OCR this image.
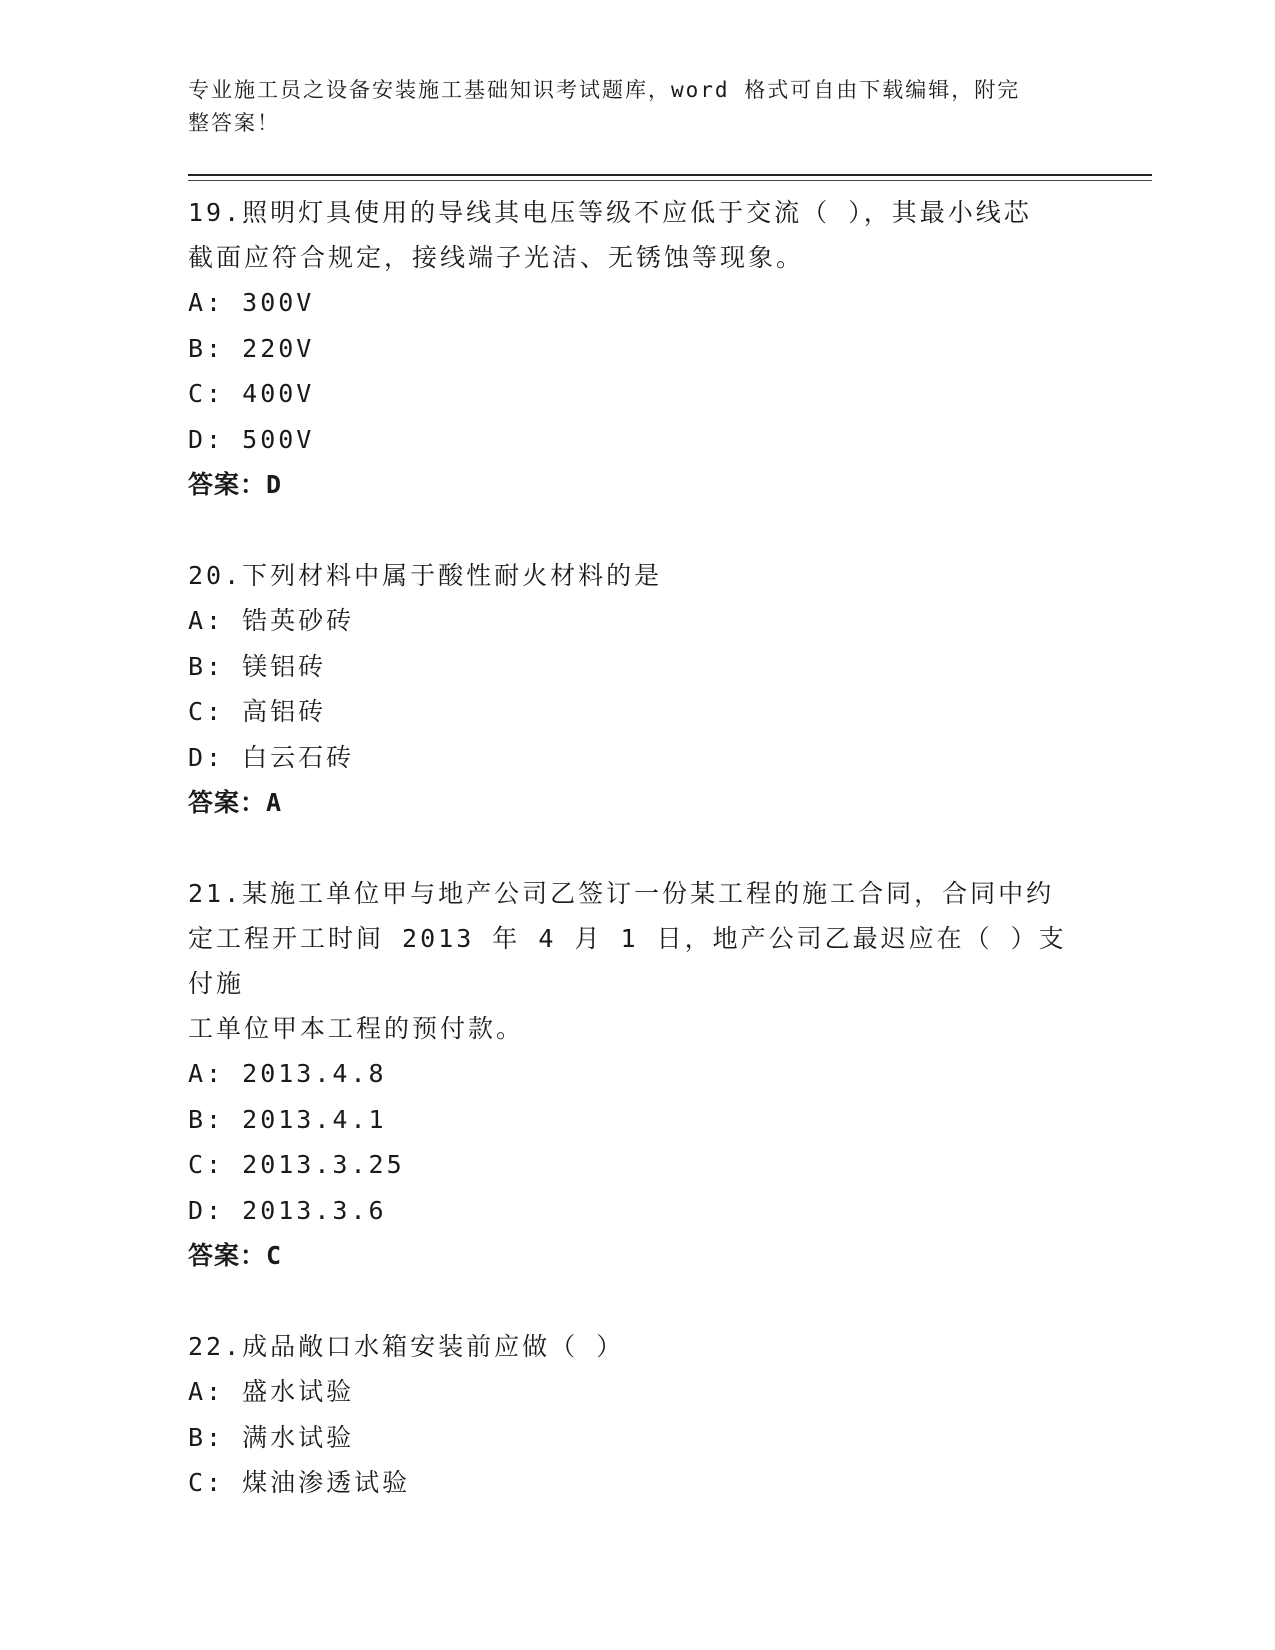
专业施工员之设备安装施工基础知识考试题库，word 格式可自由下载编辑，附完
整答案！

19.照明灯具使用的导线其电压等级不应低于交流（ ），其最小线芯

截面应符合规定，接线端子光洁、无锈蚀等现象。

A: 300V

B: 220V

C: 400V

D: 500V

答案：D

20.下列材料中属于酸性耐火材料的是

A: 锆英砂砖

B: 镁铝砖

C: 高铝砖

D: 白云石砖

答案：A

21.某施工单位甲与地产公司乙签订一份某工程的施工合同，合同中约

定工程开工时间 2013 年 4 月 1 日，地产公司乙最迟应在（ ）支付施

工单位甲本工程的预付款。

A: 2013.4.8

B: 2013.4.1

C: 2013.3.25

D: 2013.3.6

答案：C

22.成品敞口水箱安装前应做（ ）

A: 盛水试验

B: 满水试验

C: 煤油渗透试验
